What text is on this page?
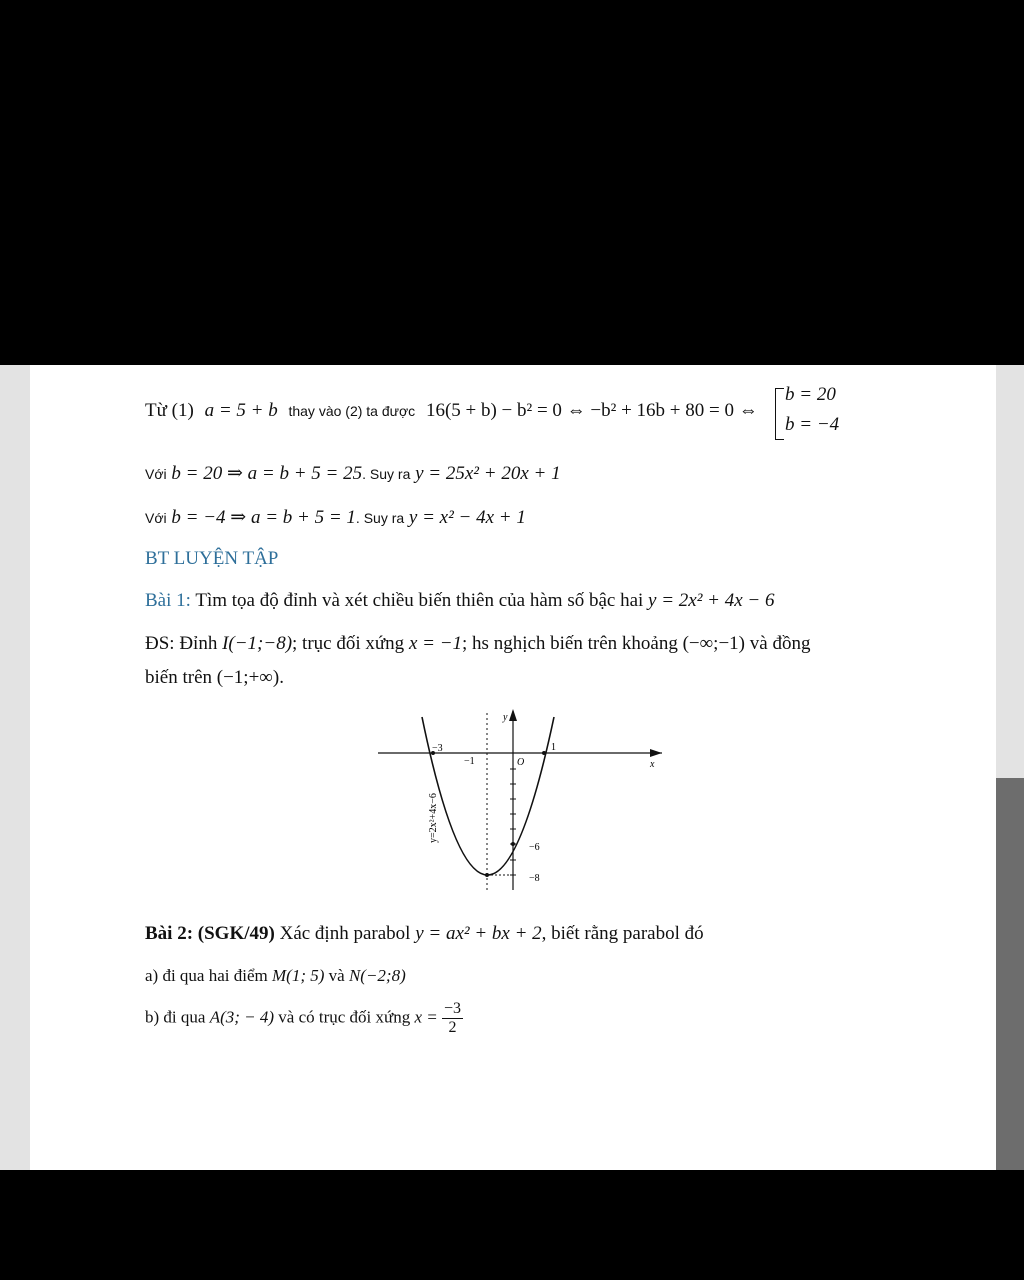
Từ (1) a = 5 + b thay vào (2) ta được 16(5 + b) − b² = 0 ⇔ −b² + 16b + 80 = 0 ⇔
b = 20
b = −4
Với b = 20 ⇒ a = b + 5 = 25. Suy ra y = 25x² + 20x + 1
Với b = −4 ⇒ a = b + 5 = 1. Suy ra y = x² − 4x + 1
BT LUYỆN TẬP
Bài 1: Tìm tọa độ đỉnh và xét chiều biến thiên của hàm số bậc hai y = 2x² + 4x − 6
ĐS: Đỉnh I(−1;−8); trục đối xứng x = −1; hs nghịch biến trên khoảng (−∞;−1) và đồng
biến trên (−1;+∞).
y
x
O
−3
−1
1
−6
−8
y=2x²+4x−6
Bài 2: (SGK/49) Xác định parabol y = ax² + bx + 2, biết rằng parabol đó
a) đi qua hai điểm M(1; 5) và N(−2;8)
b) đi qua A(3; − 4) và có trục đối xứng $x = \frac{-3}{2}$
